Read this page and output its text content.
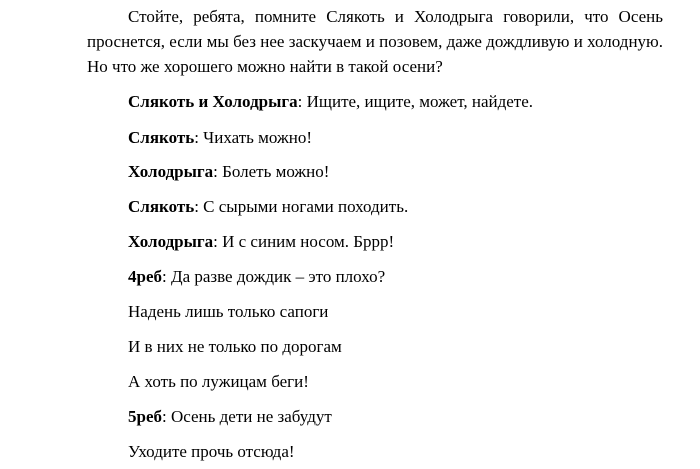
Стойте, ребята, помните Слякоть и Холодрыга говорили, что Осень проснется, если мы без нее заскучаем и позовем, даже дождливую и холодную. Но что же хорошего можно найти в такой осени?

Слякоть и Холодрыга: Ищите, ищите, может, найдете.

Слякоть: Чихать можно!

Холодрыга: Болеть можно!

Слякоть: С сырыми ногами походить.

Холодрыга: И с синим носом. Бррр!

4реб: Да разве дождик – это плохо?

Надень лишь только сапоги

И в них не только по дорогам

А хоть по лужицам беги!

5реб: Осень дети не забудут

Уходите прочь отсюда!
